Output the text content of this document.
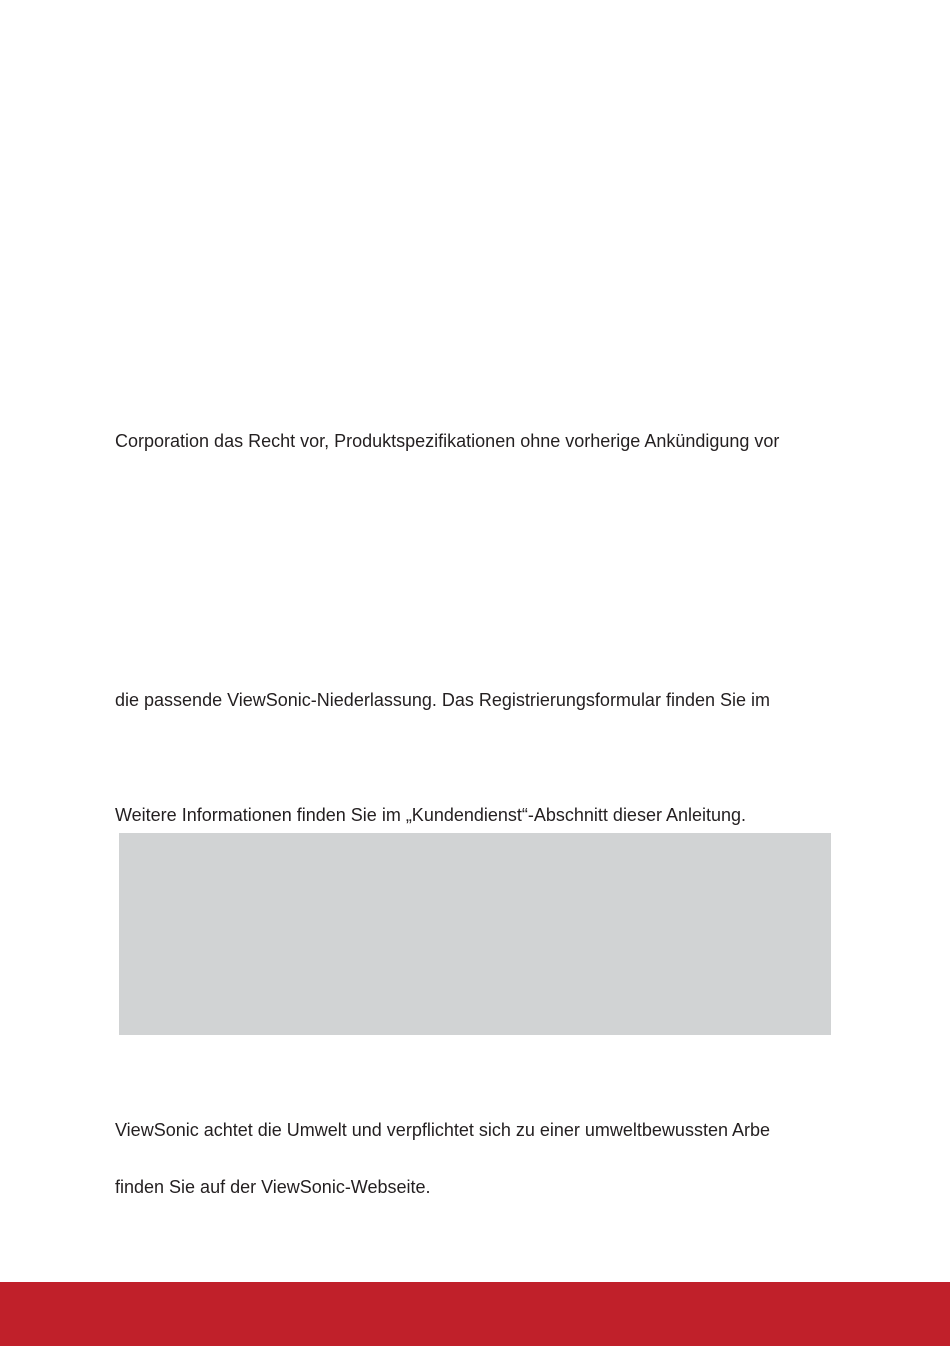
Corporation das Recht vor, Produktspezifikationen ohne vorherige Ankündigung vor

die passende ViewSonic-Niederlassung. Das Registrierungsformular finden Sie im

Weitere Informationen finden Sie im „Kundendienst“-Abschnitt dieser Anleitung.

ViewSonic achtet die Umwelt und verpflichtet sich zu einer umweltbewussten Arbe

finden Sie auf der ViewSonic-Webseite.
